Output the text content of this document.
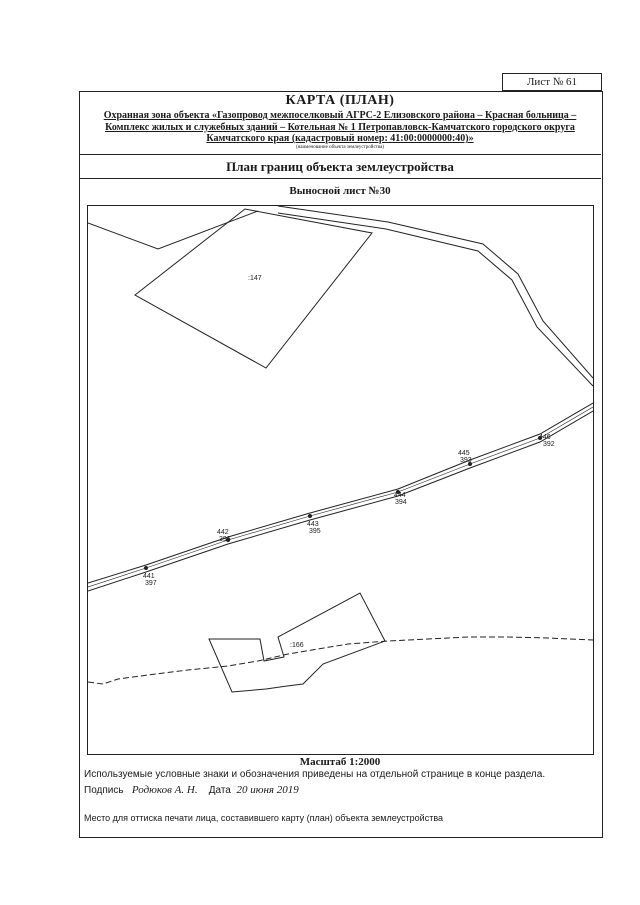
Лист № 61
КАРТА (ПЛАН)
Охранная зона объекта «Газопровод межпоселковый АГРС-2 Елизовского района – Красная больница – Комплекс жилых и служебных зданий – Котельная № 1 Петропавловск-Камчатского городского округа Камчатского края (кадастровый номер: 41:00:0000000:40)»
(наименование объекта землеустройства)
План границ объекта землеустройства
Выносной лист №30
441
397
442
396
443
395
444
394
445
393
446
392
:147
:166
Масштаб 1:2000
Используемые условные знаки и обозначения приведены на отдельной странице в конце раздела.
Подпись Родюков А. Н. Дата 20 июня 2019
Место для оттиска печати лица, составившего карту (план) объекта землеустройства
